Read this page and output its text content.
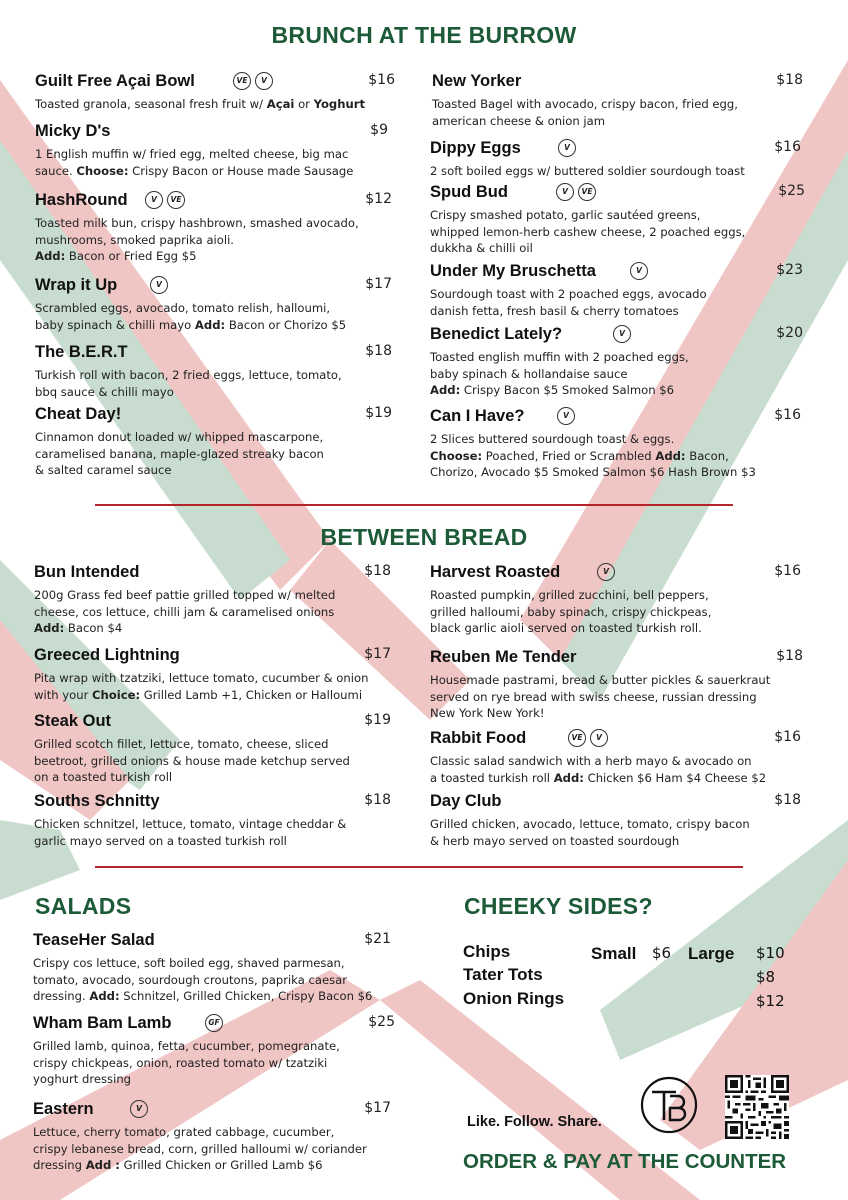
BRUNCH AT THE BURROW
BETWEEN BREAD
SALADS	CHEEKY SIDES?
Chips	Small $6 Large $10
Tater Tots	$8
Onion Rings	$12
Like. Follow. Share.
ORDER & PAY AT THE COUNTER
Guilt Free Açai Bowl	VE V	$16
Toasted granola, seasonal fresh fruit w/ Açai or Yoghurt
Micky D's	$9
1 English muffin w/ fried egg, melted cheese, big mac
sauce. Choose: Crispy Bacon or House made Sausage
HashRound	V VE	$12
Toasted milk bun, crispy hashbrown, smashed avocado,
mushrooms, smoked paprika aioli.
Add: Bacon or Fried Egg $5
Wrap it Up	V	$17
Scrambled eggs, avocado, tomato relish, halloumi,
baby spinach & chilli mayo Add: Bacon or Chorizo $5
The B.E.R.T	$18
Turkish roll with bacon, 2 fried eggs, lettuce, tomato,
bbq sauce & chilli mayo
Cheat Day!	$19
Cinnamon donut loaded w/ whipped mascarpone,
caramelised banana, maple-glazed streaky bacon
& salted caramel sauce
New Yorker	$18
Toasted Bagel with avocado, crispy bacon, fried egg,
american cheese & onion jam
Dippy Eggs	V	$16
2 soft boiled eggs w/ buttered soldier sourdough toast
Spud Bud	V VE	$25
Crispy smashed potato, garlic sautéed greens,
whipped lemon-herb cashew cheese, 2 poached eggs,
dukkha & chilli oil
Under My Bruschetta	V	$23
Sourdough toast with 2 poached eggs, avocado
danish fetta, fresh basil & cherry tomatoes
Benedict Lately?	V	$20
Toasted english muffin with 2 poached eggs,
baby spinach & hollandaise sauce
Add: Crispy Bacon $5 Smoked Salmon $6
Can I Have?	V	$16
2 Slices buttered sourdough toast & eggs.
Choose: Poached, Fried or Scrambled Add: Bacon,
Chorizo, Avocado $5 Smoked Salmon $6 Hash Brown $3
Bun Intended	$18
200g Grass fed beef pattie grilled topped w/ melted
cheese, cos lettuce, chilli jam & caramelised onions
Add: Bacon $4
Greeced Lightning	$17
Pita wrap with tzatziki, lettuce tomato, cucumber & onion
with your Choice: Grilled Lamb +1, Chicken or Halloumi
Steak Out	$19
Grilled scotch fillet, lettuce, tomato, cheese, sliced
beetroot, grilled onions & house made ketchup served
on a toasted turkish roll
Souths Schnitty	$18
Chicken schnitzel, lettuce, tomato, vintage cheddar &
garlic mayo served on a toasted turkish roll
Harvest Roasted	V	$16
Roasted pumpkin, grilled zucchini, bell peppers,
grilled halloumi, baby spinach, crispy chickpeas,
black garlic aioli served on toasted turkish roll.
Reuben Me Tender	$18
Housemade pastrami, bread & butter pickles & sauerkraut
served on rye bread with swiss cheese, russian dressing
New York New York!
Rabbit Food	VE V	$16
Classic salad sandwich with a herb mayo & avocado on
a toasted turkish roll Add: Chicken $6 Ham $4 Cheese $2
Day Club	$18
Grilled chicken, avocado, lettuce, tomato, crispy bacon
& herb mayo served on toasted sourdough
TeaseHer Salad	$21
Crispy cos lettuce, soft boiled egg, shaved parmesan,
tomato, avocado, sourdough croutons, paprika caesar
dressing. Add: Schnitzel, Grilled Chicken, Crispy Bacon $6
Wham Bam Lamb	GF	$25
Grilled lamb, quinoa, fetta, cucumber, pomegranate,
crispy chickpeas, onion, roasted tomato w/ tzatziki
yoghurt dressing
Eastern	V	$17
Lettuce, cherry tomato, grated cabbage, cucumber,
crispy lebanese bread, corn, grilled halloumi w/ coriander
dressing Add : Grilled Chicken or Grilled Lamb $6
